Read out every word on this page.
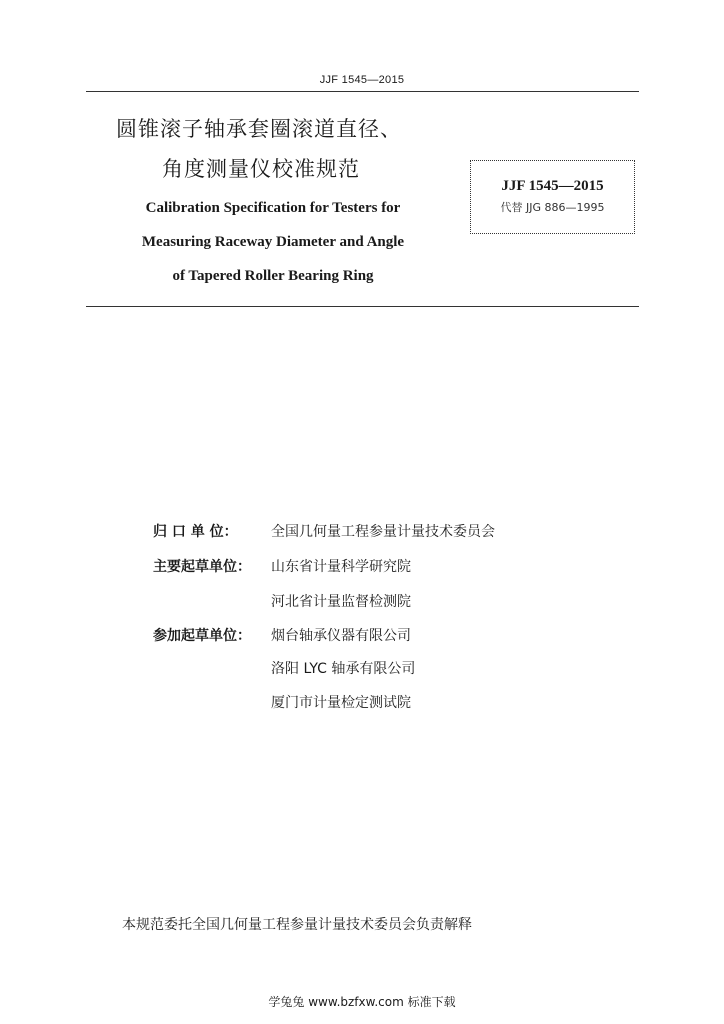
JJF 1545—2015
圆锥滚子轴承套圈滚道直径、
角度测量仪校准规范
Calibration Specification for Testers for
Measuring Raceway Diameter and Angle
of Tapered Roller Bearing Ring
JJF 1545—2015
代替 JJG 886—1995
归 口 单 位： 全国几何量工程参量计量技术委员会
主要起草单位： 山东省计量科学研究院
河北省计量监督检测院
参加起草单位： 烟台轴承仪器有限公司
洛阳 LYC 轴承有限公司
厦门市计量检定测试院
本规范委托全国几何量工程参量计量技术委员会负责解释
学兔兔 www.bzfxw.com 标准下载
